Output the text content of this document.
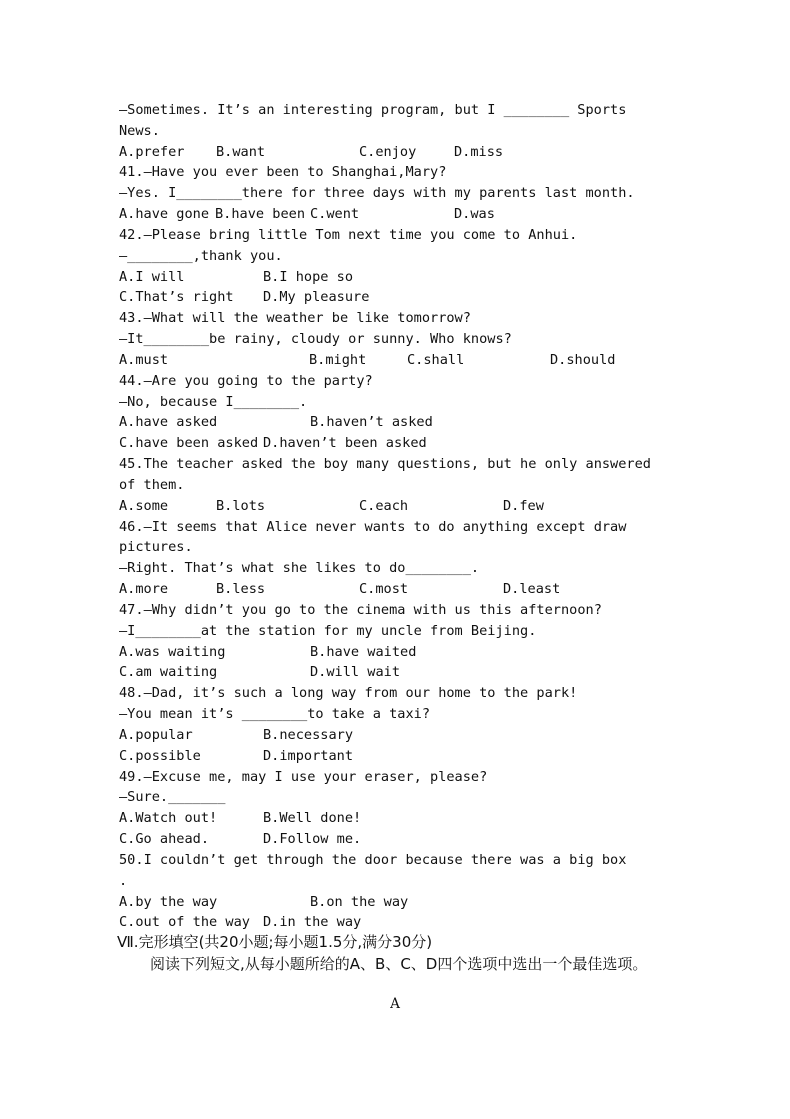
—Sometimes. It’s an interesting program, but I ________ Sports
News.
A.prefer B.want	C.enjoy	D.miss
41.—Have you ever been to Shanghai,Mary?
—Yes. I________there for three days with my parents last month.
A.have gone B.have been C.went	D.was
42.—Please bring little Tom next time you come to Anhui.
—________,thank you.
A.I will	B.I hope so
C.That’s right D.My pleasure
43.—What will the weather be like tomorrow?
—It________be rainy, cloudy or sunny. Who knows?
A.must	B.might	C.shall	D.should
44.—Are you going to the party?
—No, because I________.
A.have asked	B.haven’t asked
C.have been asked D.haven’t been asked
45.The teacher asked the boy many questions, but he only answered
of them.
A.some	B.lots	C.each	D.few
46.—It seems that Alice never wants to do anything except draw
pictures.
—Right. That’s what she likes to do________.
A.more	B.less	C.most	D.least
47.—Why didn’t you go to the cinema with us this afternoon?
—I________at the station for my uncle from Beijing.
A.was waiting	B.have waited
C.am waiting	D.will wait
48.—Dad, it’s such a long way from our home to the park!
—You mean it’s ________to take a taxi?
A.popular	B.necessary
C.possible	D.important
49.—Excuse me, may I use your eraser, please?
—Sure._______
A.Watch out!	B.Well done!
C.Go ahead.	D.Follow me.
50.I couldn’t get through the door because there was a big box
.
A.by the way	B.on the way
C.out of the way D.in the way
Ⅶ.完形填空(共20小题;每小题1.5分,满分30分)
阅读下列短文,从每小题所给的A、B、C、D四个选项中选出一个最佳选项。
A
